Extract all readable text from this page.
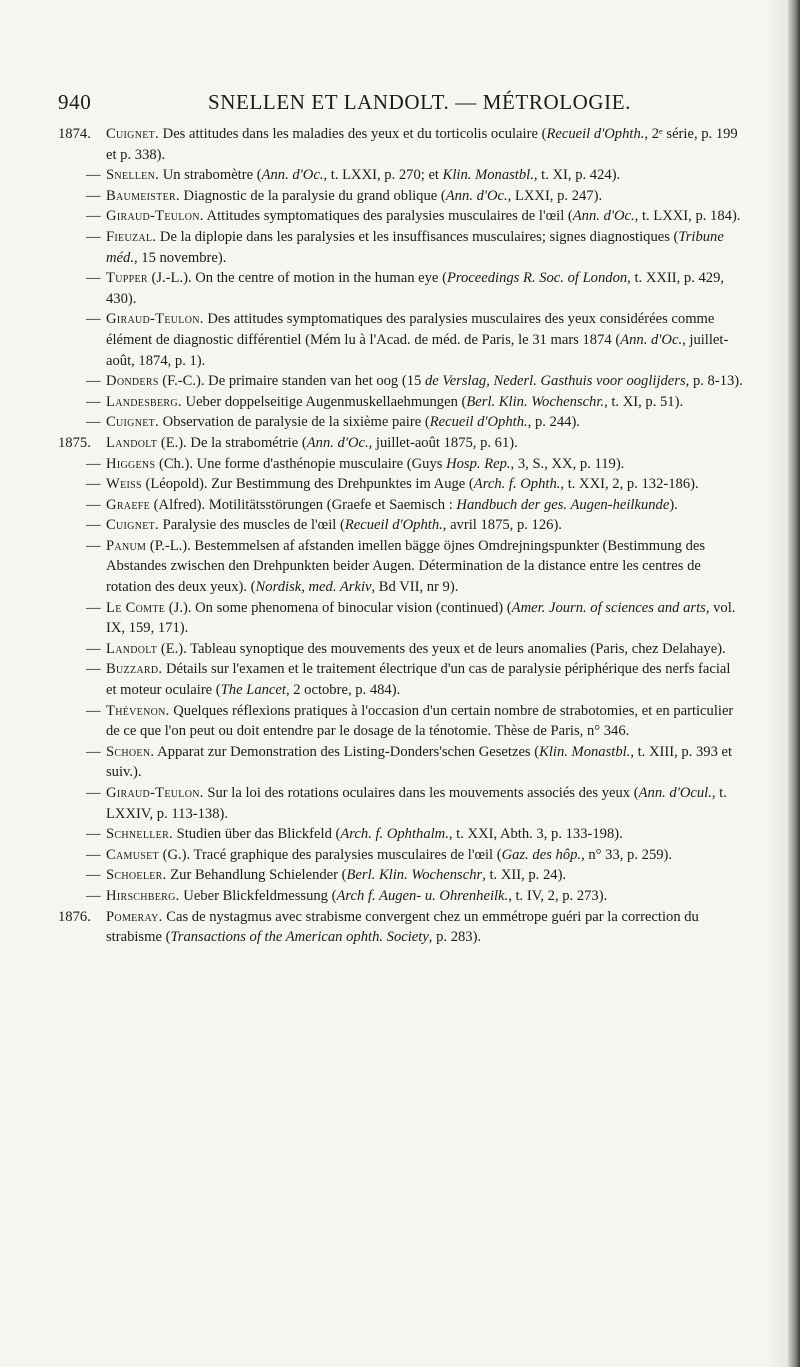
940	SNELLEN ET LANDOLT. — MÉTROLOGIE.
1874.	Cuignet. Des attitudes dans les maladies des yeux et du torticolis oculaire (Recueil d'Ophth., 2ᵉ série, p. 199 et p. 338).
— Snellen. Un strabomètre (Ann. d'Oc., t. LXXI, p. 270; et Klin. Monastbl., t. XI, p. 424).
— Baumeister. Diagnostic de la paralysie du grand oblique (Ann. d'Oc., LXXI, p. 247).
— Giraud-Teulon. Attitudes symptomatiques des paralysies musculaires de l'œil (Ann. d'Oc., t. LXXI, p. 184).
— Fieuzal. De la diplopie dans les paralysies et les insuffisances musculaires; signes diagnostiques (Tribune méd., 15 novembre).
— Tupper (J.-L.). On the centre of motion in the human eye (Proceedings R. Soc. of London, t. XXII, p. 429, 430).
— Giraud-Teulon. Des attitudes symptomatiques des paralysies musculaires des yeux considérées comme élément de diagnostic différentiel (Mém lu à l'Acad. de méd. de Paris, le 31 mars 1874 (Ann. d'Oc., juillet-août, 1874, p. 1).
— Donders (F.-C.). De primaire standen van het oog (15 de Verslag, Nederl. Gasthuis voor ooglijders, p. 8-13).
— Landesberg. Ueber doppelseitige Augenmuskellaehmungen (Berl. Klin. Wochenschr., t. XI, p. 51).
— Cuignet. Observation de paralysie de la sixième paire (Recueil d'Ophth., p. 244).
1875.	Landolt (E.). De la strabométrie (Ann. d'Oc., juillet-août 1875, p. 61).
— Higgens (Ch.). Une forme d'asthénopie musculaire (Guys Hosp. Rep., 3, S., XX, p. 119).
— Weiss (Léopold). Zur Bestimmung des Drehpunktes im Auge (Arch. f. Ophth., t. XXI, 2, p. 132-186).
— Graefe (Alfred). Motilitätsstörungen (Graefe et Saemisch : Handbuch der ges. Augen-heilkunde).
— Cuignet. Paralysie des muscles de l'œil (Recueil d'Ophth., avril 1875, p. 126).
— Panum (P.-L.). Bestemmelsen af afstanden imellen bägge öjnes Omdrejningspunkter (Bestimmung des Abstandes zwischen den Drehpunkten beider Augen. Détermination de la distance entre les centres de rotation des deux yeux). (Nordisk, med. Arkiv, Bd VII, nr 9).
— Le Comte (J.). On some phenomena of binocular vision (continued) (Amer. Journ. of sciences and arts, vol. IX, 159, 171).
— Landolt (E.). Tableau synoptique des mouvements des yeux et de leurs anomalies (Paris, chez Delahaye).
— Buzzard. Détails sur l'examen et le traitement électrique d'un cas de paralysie périphérique des nerfs facial et moteur oculaire (The Lancet, 2 octobre, p. 484).
— Thévenon. Quelques réflexions pratiques à l'occasion d'un certain nombre de strabotomies, et en particulier de ce que l'on peut ou doit entendre par le dosage de la ténotomie. Thèse de Paris, n° 346.
— Schoen. Apparat zur Demonstration des Listing-Donders'schen Gesetzes (Klin. Monastbl., t. XIII, p. 393 et suiv.).
— Giraud-Teulon. Sur la loi des rotations oculaires dans les mouvements associés des yeux (Ann. d'Ocul., t. LXXIV, p. 113-138).
— Schneller. Studien über das Blickfeld (Arch. f. Ophthalm., t. XXI, Abth. 3, p. 133-198).
— Camuset (G.). Tracé graphique des paralysies musculaires de l'œil (Gaz. des hôp., n° 33, p. 259).
— Schoeler. Zur Behandlung Schielender (Berl. Klin. Wochenschr, t. XII, p. 24).
— Hirschberg. Ueber Blickfeldmessung (Arch f. Augen- u. Ohrenheilk., t. IV, 2, p. 273).
1876.	Pomeray. Cas de nystagmus avec strabisme convergent chez un emmétrope guéri par la correction du strabisme (Transactions of the American ophth. Society, p. 283).
